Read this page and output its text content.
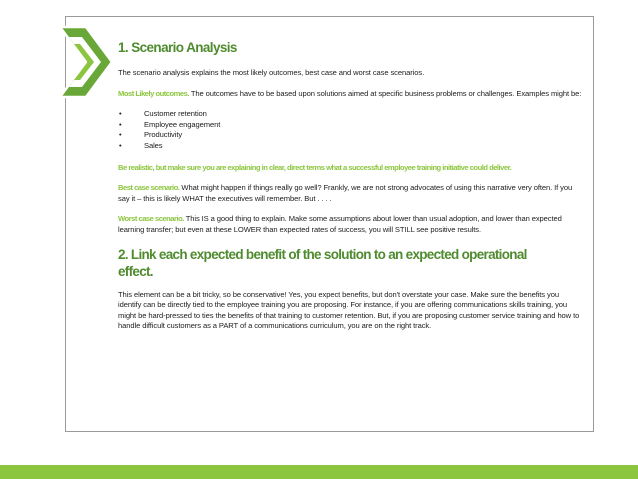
1. Scenario Analysis

The scenario analysis explains the most likely outcomes, best case and worst case scenarios.

Most Likely outcomes. The outcomes have to be based upon solutions aimed at specific business problems or challenges. Examples might be:

• Customer retention
• Employee engagement
• Productivity
• Sales

Be realistic, but make sure you are explaining in clear, direct terms what a successful employee training initiative could deliver.

Best case scenario. What might happen if things really go well? Frankly, we are not strong advocates of using this narrative very often. If you say it – this is likely WHAT the executives will remember. But . . . .

Worst case scenario. This IS a good thing to explain. Make some assumptions about lower than usual adoption, and lower than expected learning transfer; but even at these LOWER than expected rates of success, you will STILL see positive results.

2. Link each expected benefit of the solution to an expected operational effect.

This element can be a bit tricky, so be conservative! Yes, you expect benefits, but don't overstate your case. Make sure the benefits you identify can be directly tied to the employee training you are proposing. For instance, if you are offering communications skills training, you might be hard-pressed to ties the benefits of that training to customer retention. But, if you are proposing customer service training and how to handle difficult customers as a PART of a communications curriculum, you are on the right track.
